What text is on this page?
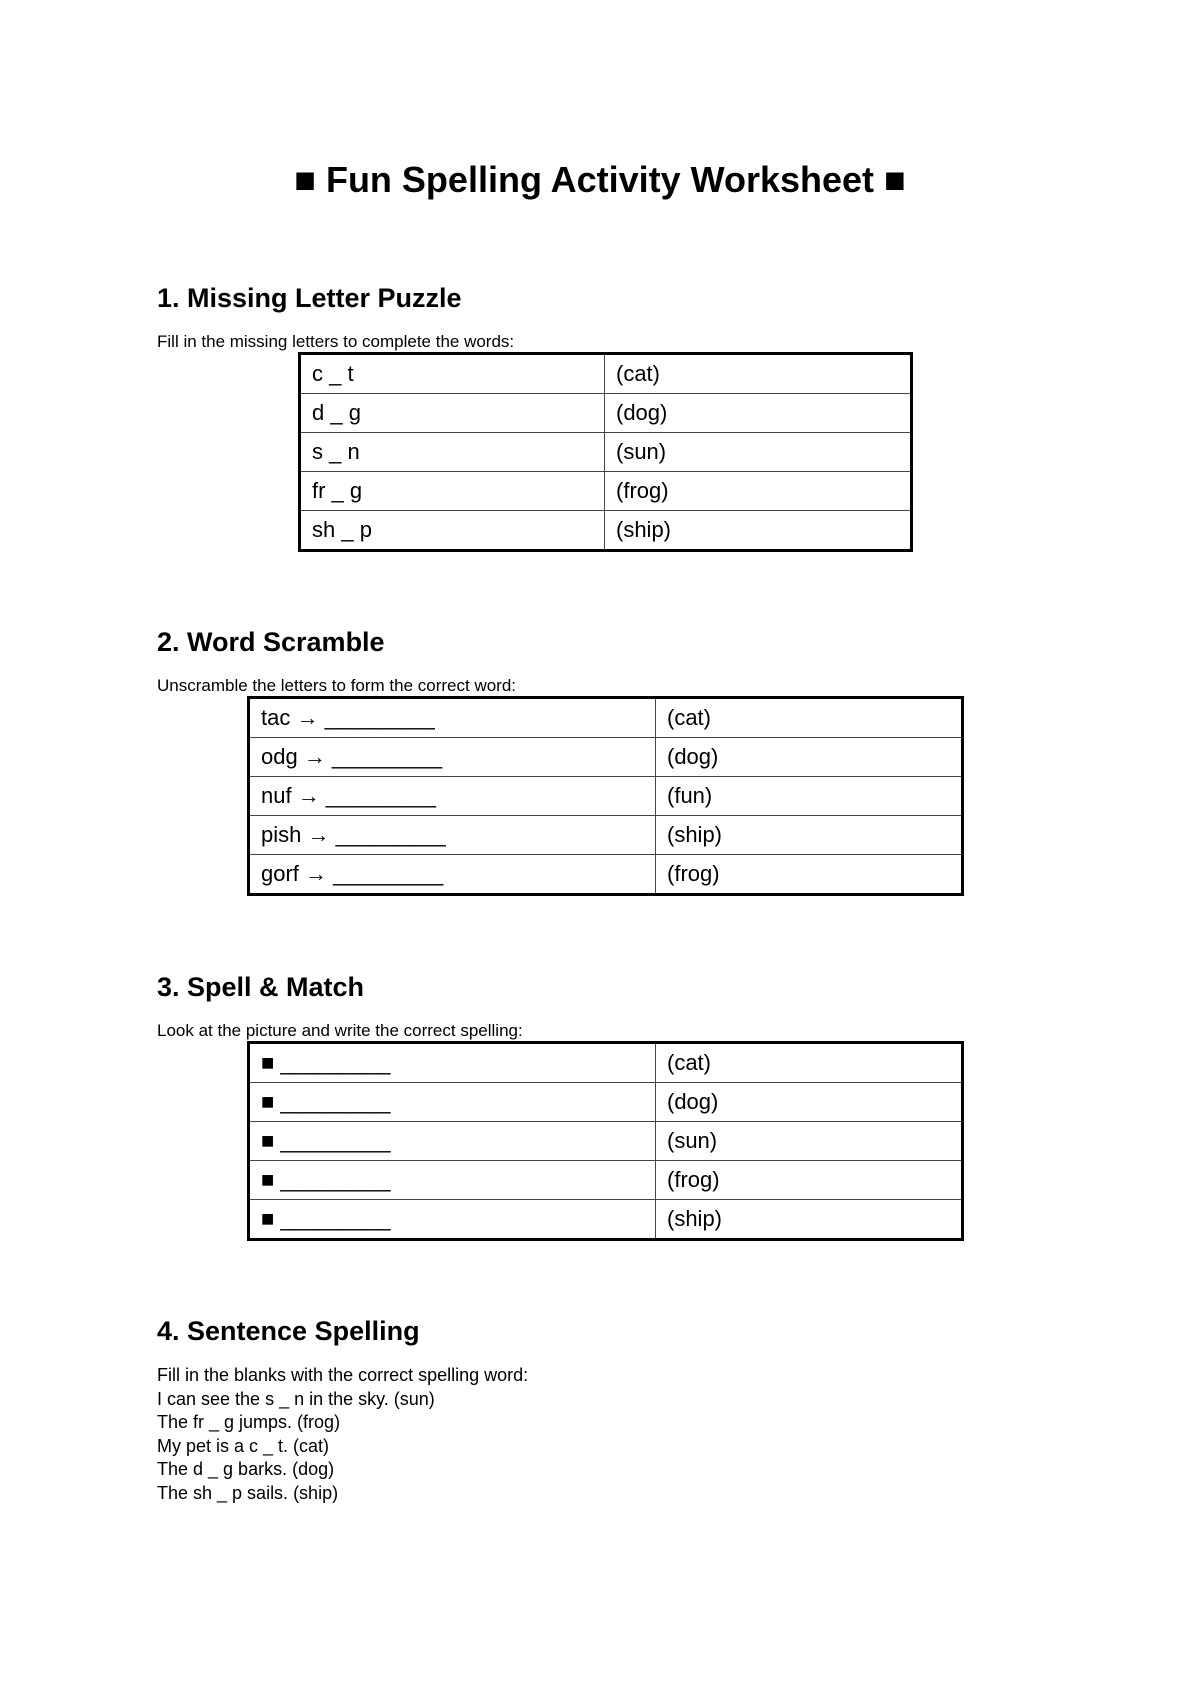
■ Fun Spelling Activity Worksheet ■
1. Missing Letter Puzzle
Fill in the missing letters to complete the words:
c _ t	(cat)
d _ g	(dog)
s _ n	(sun)
fr _ g	(frog)
sh _ p	(ship)
2. Word Scramble
Unscramble the letters to form the correct word:
tac → _________	(cat)
odg → _________	(dog)
nuf → _________	(fun)
pish → _________	(ship)
gorf → _________	(frog)
3. Spell & Match
Look at the picture and write the correct spelling:
■ _________	(cat)
■ _________	(dog)
■ _________	(sun)
■ _________	(frog)
■ _________	(ship)
4. Sentence Spelling
Fill in the blanks with the correct spelling word:
I can see the s _ n in the sky. (sun)
The fr _ g jumps. (frog)
My pet is a c _ t. (cat)
The d _ g barks. (dog)
The sh _ p sails. (ship)
